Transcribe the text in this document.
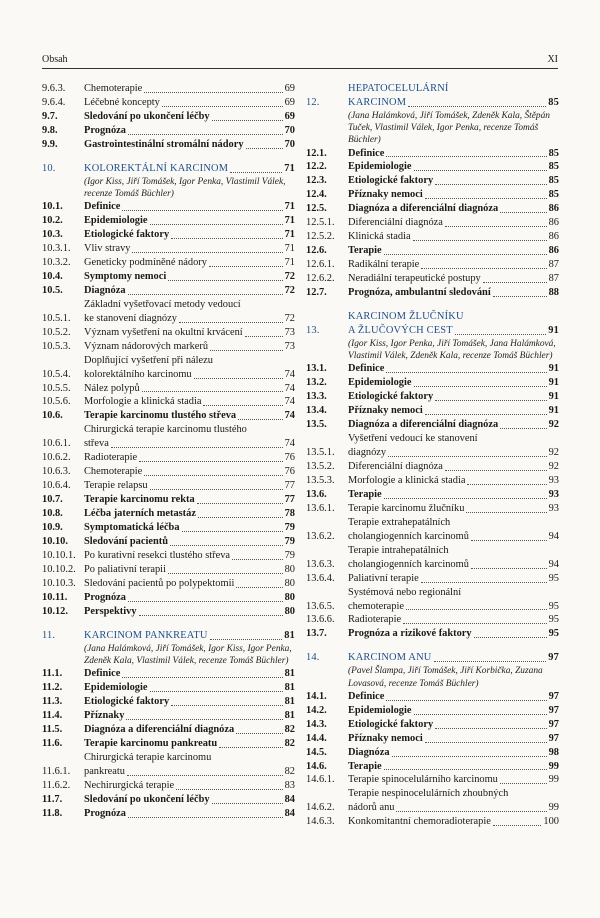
Obsah	XI
9.6.3.	Chemoterapie	69
9.6.4.	Léčebné koncepty	69
9.7.	Sledování po ukončení léčby	69
9.8.	Prognóza	70
9.9.	Gastrointestinální stromální nádory	70
10.	KOLOREKTÁLNÍ KARCINOM	71
(Igor Kiss, Jiří Tomášek, Igor Penka, Vlastimil Válek, recenze Tomáš Büchler)
10.1.	Definice	71
10.2.	Epidemiologie	71
10.3.	Etiologické faktory	71
10.3.1.	Vliv stravy	71
10.3.2.	Geneticky podmíněné nádory	71
10.4.	Symptomy nemoci	72
10.5.	Diagnóza	72
10.5.1.
Základní vyšetřovací metody vedoucí
ke stanovení diagnózy	72
10.5.2.	Význam vyšetření na okultní krvácení	73
10.5.3.	Význam nádorových markerů	73
10.5.4.
Doplňující vyšetření při nálezu
kolorektálního karcinomu	74
10.5.5.	Nález polypů	74
10.5.6.	Morfologie a klinická stadia	74
10.6.	Terapie karcinomu tlustého střeva	74
10.6.1.
Chirurgická terapie karcinomu tlustého
střeva	74
10.6.2.	Radioterapie	76
10.6.3.	Chemoterapie	76
10.6.4.	Terapie relapsu	77
10.7.	Terapie karcinomu rekta	77
10.8.	Léčba jaterních metastáz	78
10.9.	Symptomatická léčba	79
10.10.	Sledování pacientů	79
10.10.1. Po kurativní resekci tlustého střeva	79
10.10.2. Po paliativní terapii	80
10.10.3. Sledování pacientů po polypektomii	80
10.11.	Prognóza	80
10.12.	Perspektivy	80
11.	KARCINOM PANKREATU	81
(Jana Halámková, Jiří Tomášek, Igor Kiss, Igor Penka, Zdeněk Kala, Vlastimil Válek, recenze Tomáš Büchler)
11.1.	Definice	81
11.2.	Epidemiologie	81
11.3.	Etiologické faktory	81
11.4.	Příznaky	81
11.5.	Diagnóza a diferenciální diagnóza	82
11.6.	Terapie karcinomu pankreatu	82
11.6.1.
Chirurgická terapie karcinomu
pankreatu	82
11.6.2.	Nechirurgická terapie	83
11.7.	Sledování po ukončení léčby	84
11.8.	Prognóza	84
12.
HEPATOCELULÁRNÍ
KARCINOM	85
(Jana Halámková, Jiří Tomášek, Zdeněk Kala, Štěpán Tuček, Vlastimil Válek, Igor Penka, recenze Tomáš Büchler)
12.1.	Definice	85
12.2.	Epidemiologie	85
12.3.	Etiologické faktory	85
12.4.	Příznaky nemoci	85
12.5.	Diagnóza a diferenciální diagnóza	86
12.5.1.	Diferenciální diagnóza	86
12.5.2.	Klinická stadia	86
12.6.	Terapie	86
12.6.1.	Radikální terapie	87
12.6.2.	Neradiální terapeutické postupy	87
12.7.	Prognóza, ambulantní sledování	88
13.
KARCINOM ŽLUČNÍKU
A ŽLUČOVÝCH CEST	91
(Igor Kiss, Igor Penka, Jiří Tomášek, Jana Halámková, Vlastimil Válek, Zdeněk Kala, recenze Tomáš Büchler)
13.1.	Definice	91
13.2.	Epidemiologie	91
13.3.	Etiologické faktory	91
13.4.	Příznaky nemoci	91
13.5.	Diagnóza a diferenciální diagnóza	92
13.5.1.
Vyšetření vedoucí ke stanovení
diagnózy	92
13.5.2.	Diferenciální diagnóza	92
13.5.3.	Morfologie a klinická stadia	93
13.6.	Terapie	93
13.6.1.	Terapie karcinomu žlučníku	93
13.6.2.
Terapie extrahepatálních
cholangiogenních karcinomů	94
13.6.3.
Terapie intrahepatálních
cholangiogenních karcinomů	94
13.6.4.	Paliativní terapie	95
13.6.5.
Systémová nebo regionální
chemoterapie	95
13.6.6.	Radioterapie	95
13.7.	Prognóza a rizikové faktory	95
14.	KARCINOM ANU	97
(Pavel Šlampa, Jiří Tomášek, Jiří Korbička, Zuzana Lovasová, recenze Tomáš Büchler)
14.1.	Definice	97
14.2.	Epidemiologie	97
14.3.	Etiologické faktory	97
14.4.	Příznaky nemoci	97
14.5.	Diagnóza	98
14.6.	Terapie	99
14.6.1.	Terapie spinocelulárního karcinomu	99
14.6.2.
Terapie nespinocelulárních zhoubných
nádorů anu	99
14.6.3.	Konkomitantní chemoradioterapie	100
